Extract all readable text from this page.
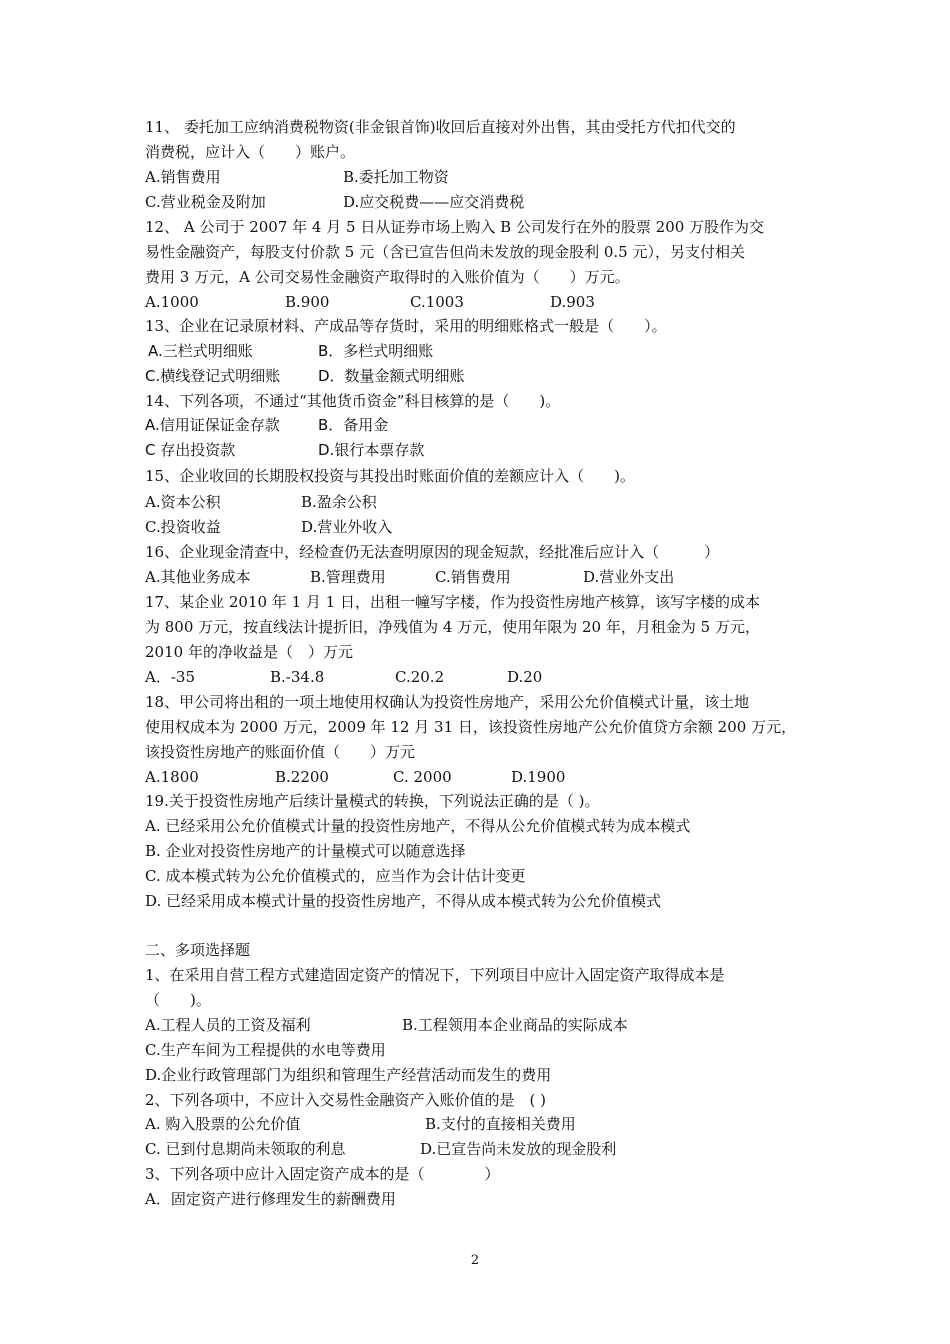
11、 委托加工应纳消费税物资(非金银首饰)收回后直接对外出售，其由受托方代扣代交的
消费税，应计入（　　）账户。
A.销售费用	B.委托加工物资
C.营业税金及附加	D.应交税费——应交消费税
12、 A 公司于 2007 年 4 月 5 日从证券市场上购入 B 公司发行在外的股票 200 万股作为交
易性金融资产，每股支付价款 5 元（含已宣告但尚未发放的现金股利 0.5 元），另支付相关
费用 3 万元，A 公司交易性金融资产取得时的入账价值为（　　）万元。
A.1000	B.900	C.1003	D.903
13、企业在记录原材料、产成品等存货时，采用的明细账格式一般是（　　）。
A.三栏式明细账	B．多栏式明细账
C.横线登记式明细账	D．数量金额式明细账
14、下列各项，不通过“其他货币资金”科目核算的是（　　)。
A.信用证保证金存款	B．备用金
C 存出投资款	D.银行本票存款
15、企业收回的长期股权投资与其投出时账面价值的差额应计入（　　)。
A.资本公积	B.盈余公积
C.投资收益	D.营业外收入
16、企业现金清查中，经检查仍无法查明原因的现金短款，经批准后应计入（　　　）
A.其他业务成本	B.管理费用	C.销售费用	D.营业外支出
17、某企业 2010 年 1 月 1 日，出租一幢写字楼，作为投资性房地产核算，该写字楼的成本
为 800 万元，按直线法计提折旧，净残值为 4 万元，使用年限为 20 年，月租金为 5 万元，
2010 年的净收益是（　）万元
A．-35	B.-34.8	C.20.2	D.20
18、甲公司将出租的一项土地使用权确认为投资性房地产，采用公允价值模式计量，该土地
使用权成本为 2000 万元，2009 年 12 月 31 日，该投资性房地产公允价值贷方余额 200 万元，
该投资性房地产的账面价值（　　）万元
A.1800	B.2200	C. 2000	D.1900
19.关于投资性房地产后续计量模式的转换，下列说法正确的是（ )。
A. 已经采用公允价值模式计量的投资性房地产，不得从公允价值模式转为成本模式
B. 企业对投资性房地产的计量模式可以随意选择
C. 成本模式转为公允价值模式的，应当作为会计估计变更
D. 已经采用成本模式计量的投资性房地产，不得从成本模式转为公允价值模式
二、多项选择题
1、在采用自营工程方式建造固定资产的情况下，下列项目中应计入固定资产取得成本是
（　　)。
A.工程人员的工资及福利	B.工程领用本企业商品的实际成本
C.生产车间为工程提供的水电等费用
D.企业行政管理部门为组织和管理生产经营活动而发生的费用
2、下列各项中，不应计入交易性金融资产入账价值的是　( )
A. 购入股票的公允价值	B.支付的直接相关费用
C. 已到付息期尚未领取的利息	D.已宣告尚未发放的现金股利
3、下列各项中应计入固定资产成本的是（　　　　）
A．固定资产进行修理发生的薪酬费用
2
